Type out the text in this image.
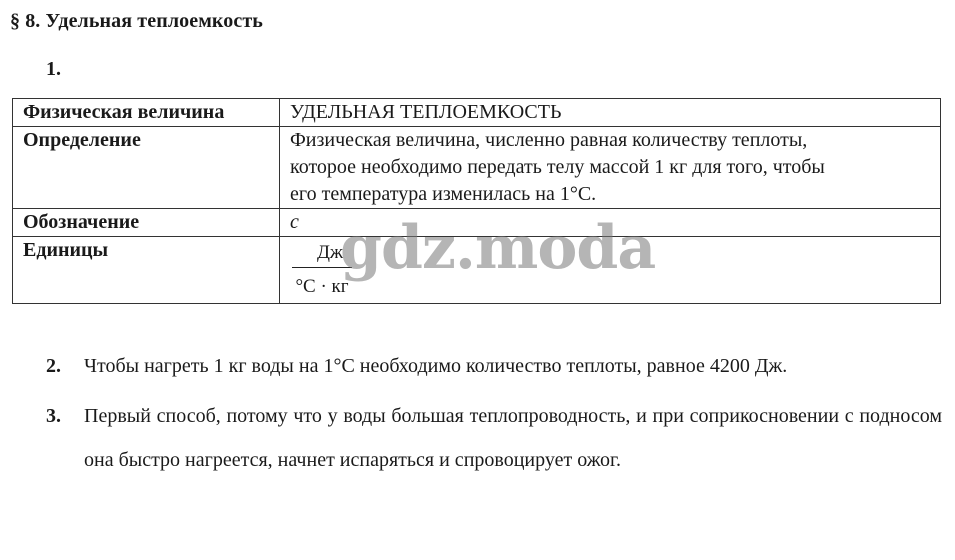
§ 8. Удельная теплоемкость
1.
Физическая величина	УДЕЛЬНАЯ ТЕПЛОЕМКОСТЬ
Определение	Физическая величина, численно равная количеству теплоты,
которое необходимо передать телу массой 1 кг для того, чтобы
его температура изменилась на 1°С.

Обозначение	c
Единицы	Дж
°С · кг
gdz.moda
2. Чтобы нагреть 1 кг воды на 1°С необходимо количество теплоты, равное 4200 Дж.
3. Первый способ, потому что у воды большая теплопроводность, и при соприкосновении с подносом она быстро нагреется, начнет испаряться и спровоцирует ожог.
